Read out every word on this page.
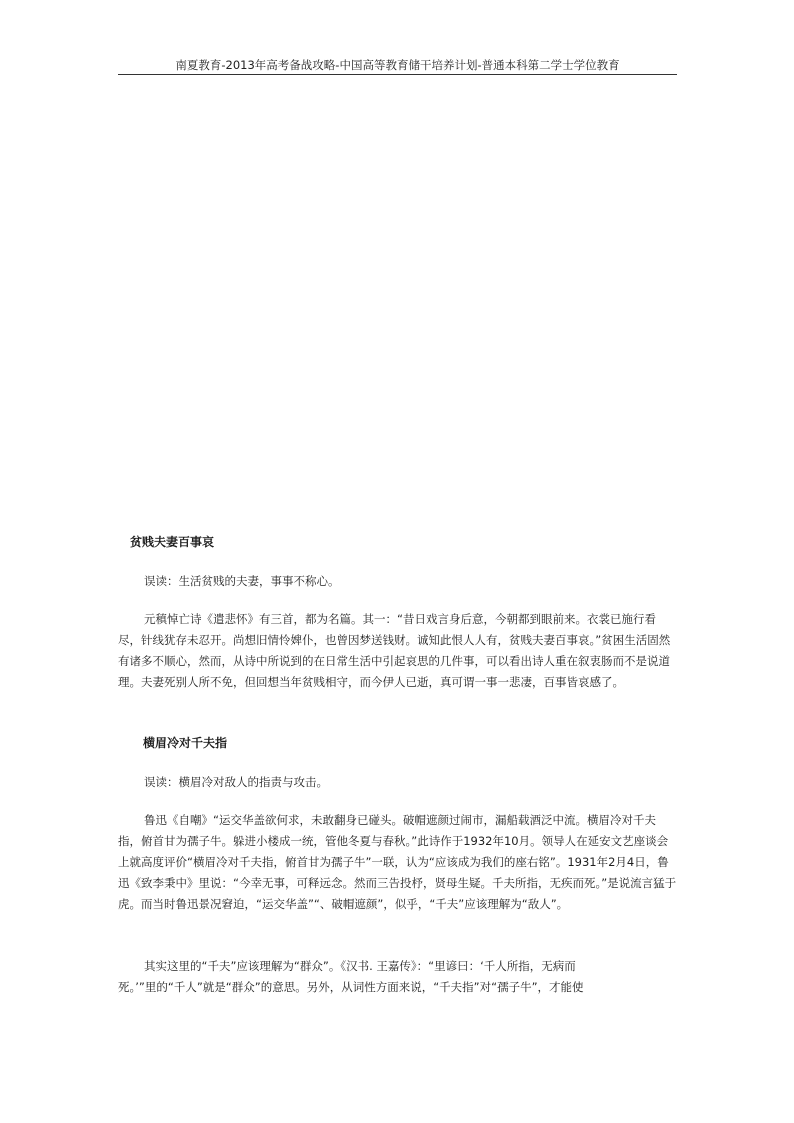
南夏教育-2013年高考备战攻略-中国高等教育储干培养计划-普通本科第二学士学位教育
贫贱夫妻百事哀
误读：生活贫贱的夫妻，事事不称心。
元稹悼亡诗《遣悲怀》有三首，都为名篇。其一：“昔日戏言身后意，今朝都到眼前来。衣裳已施行看尽，针线犹存未忍开。尚想旧情怜婢仆，也曾因梦送钱财。诚知此恨人人有，贫贱夫妻百事哀。”贫困生活固然有诸多不顺心，然而，从诗中所说到的在日常生活中引起哀思的几件事，可以看出诗人重在叙衷肠而不是说道理。夫妻死别人所不免，但回想当年贫贱相守，而今伊人已逝，真可谓一事一悲凄，百事皆哀感了。
横眉冷对千夫指
误读：横眉冷对敌人的指责与攻击。
鲁迅《自嘲》“运交华盖欲何求，未敢翻身已碰头。破帽遮颜过闹市，漏船载酒泛中流。横眉冷对千夫指，俯首甘为孺子牛。躲进小楼成一统，管他冬夏与春秋。”此诗作于1932年10月。领导人在延安文艺座谈会上就高度评价“横眉冷对千夫指，俯首甘为孺子牛”一联，认为“应该成为我们的座右铭”。1931年2月4日，鲁迅《致李秉中》里说：“今幸无事，可释远念。然而三告投杼，贤母生疑。千夫所指，无疾而死。”是说流言猛于虎。而当时鲁迅景况窘迫，“运交华盖”“、破帽遮颜”，似乎，“千夫”应该理解为“敌人”。
其实这里的“千夫”应该理解为“群众”。《汉书. 王嘉传》：“里谚曰：‘千人所指，无病而
死。’”里的“千人”就是“群众”的意思。另外，从词性方面来说，“千夫指”对“孺子牛”，才能使
